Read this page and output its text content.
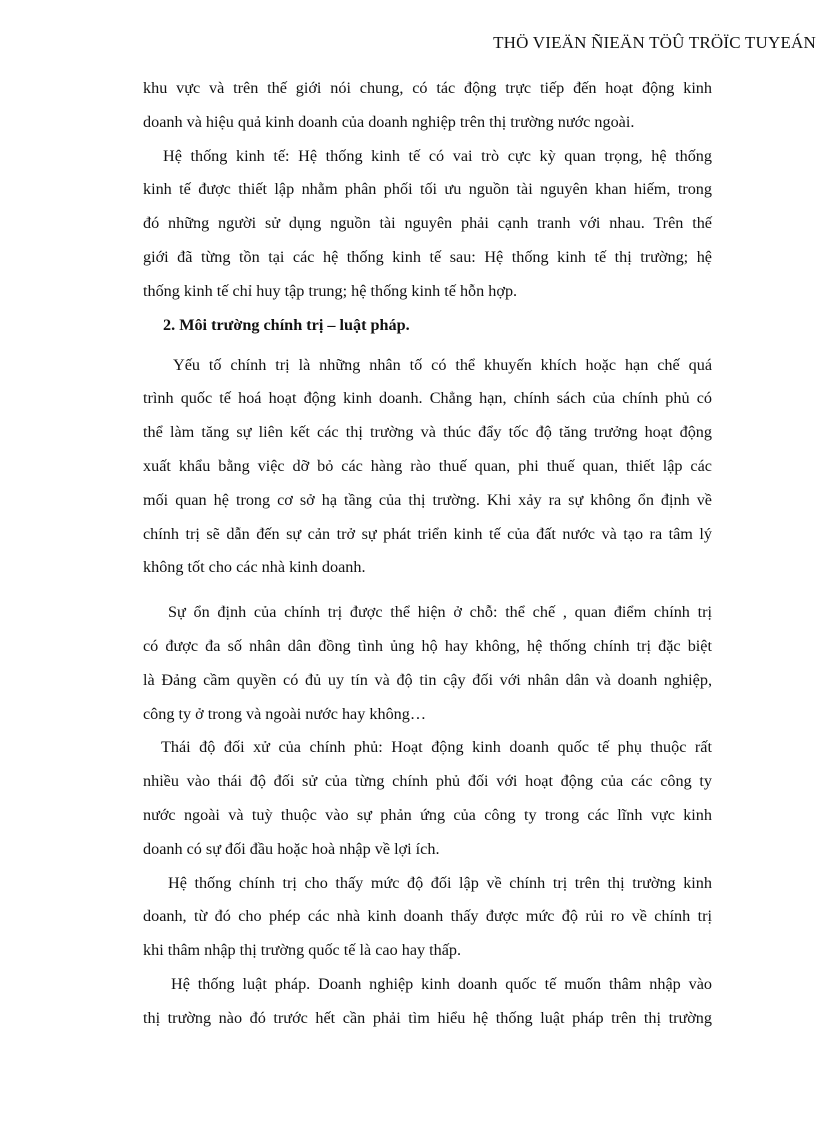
THÖ VIEÄN ÑIEÄN TÖÛ TRÖÏC TUYEÁN
khu vực và trên thế giới nói chung, có tác động trực tiếp đến hoạt động kinh
doanh và hiệu quả kinh doanh của doanh nghiệp trên thị trường nước ngoài.
Hệ thống kinh tế: Hệ thống kinh tế có vai trò cực kỳ quan trọng, hệ thống
kinh tế được thiết lập nhằm phân phối tối ưu nguồn tài nguyên khan hiếm, trong
đó những người sử dụng nguồn tài nguyên phải cạnh tranh với nhau. Trên thế
giới đã từng tồn tại các hệ thống kinh tế sau: Hệ thống kinh tế thị trường; hệ
thống kinh tế chỉ huy tập trung; hệ thống kinh tế hỗn hợp.
2. Môi trường chính trị – luật pháp.
Yếu tố chính trị là những nhân tố có thể khuyến khích hoặc hạn chế quá
trình quốc tế hoá hoạt động kinh doanh. Chẳng hạn, chính sách của chính phủ có
thể làm tăng sự liên kết các thị trường và thúc đẩy tốc độ tăng trưởng hoạt động
xuất khẩu bằng việc dỡ bỏ các hàng rào thuế quan, phi thuế quan, thiết lập các
mối quan hệ trong cơ sở hạ tầng của thị trường. Khi xảy ra sự không ổn định về
chính trị sẽ dẫn đến sự cản trở sự phát triển kinh tế của đất nước và tạo ra tâm lý
không tốt cho các nhà kinh doanh.
Sự ổn định của chính trị được thể hiện ở chỗ: thể chế , quan điểm chính trị
có được đa số nhân dân đồng tình ủng hộ hay không, hệ thống chính trị đặc biệt
là Đảng cầm quyền có đủ uy tín và độ tin cậy đối với nhân dân và doanh nghiệp,
công ty ở trong và ngoài nước hay không…
Thái độ đối xử của chính phủ: Hoạt động kinh doanh quốc tế phụ thuộc rất
nhiều vào thái độ đối sử của từng chính phủ đối với hoạt động của các công ty
nước ngoài và tuỳ thuộc vào sự phản ứng của công ty trong các lĩnh vực kinh
doanh có sự đối đầu hoặc hoà nhập về lợi ích.
Hệ thống chính trị cho thấy mức độ đối lập về chính trị trên thị trường kinh
doanh, từ đó cho phép các nhà kinh doanh thấy được mức độ rủi ro về chính trị
khi thâm nhập thị trường quốc tế là cao hay thấp.
Hệ thống luật pháp. Doanh nghiệp kinh doanh quốc tế muốn thâm nhập vào
thị trường nào đó trước hết cần phải tìm hiểu hệ thống luật pháp trên thị trường
